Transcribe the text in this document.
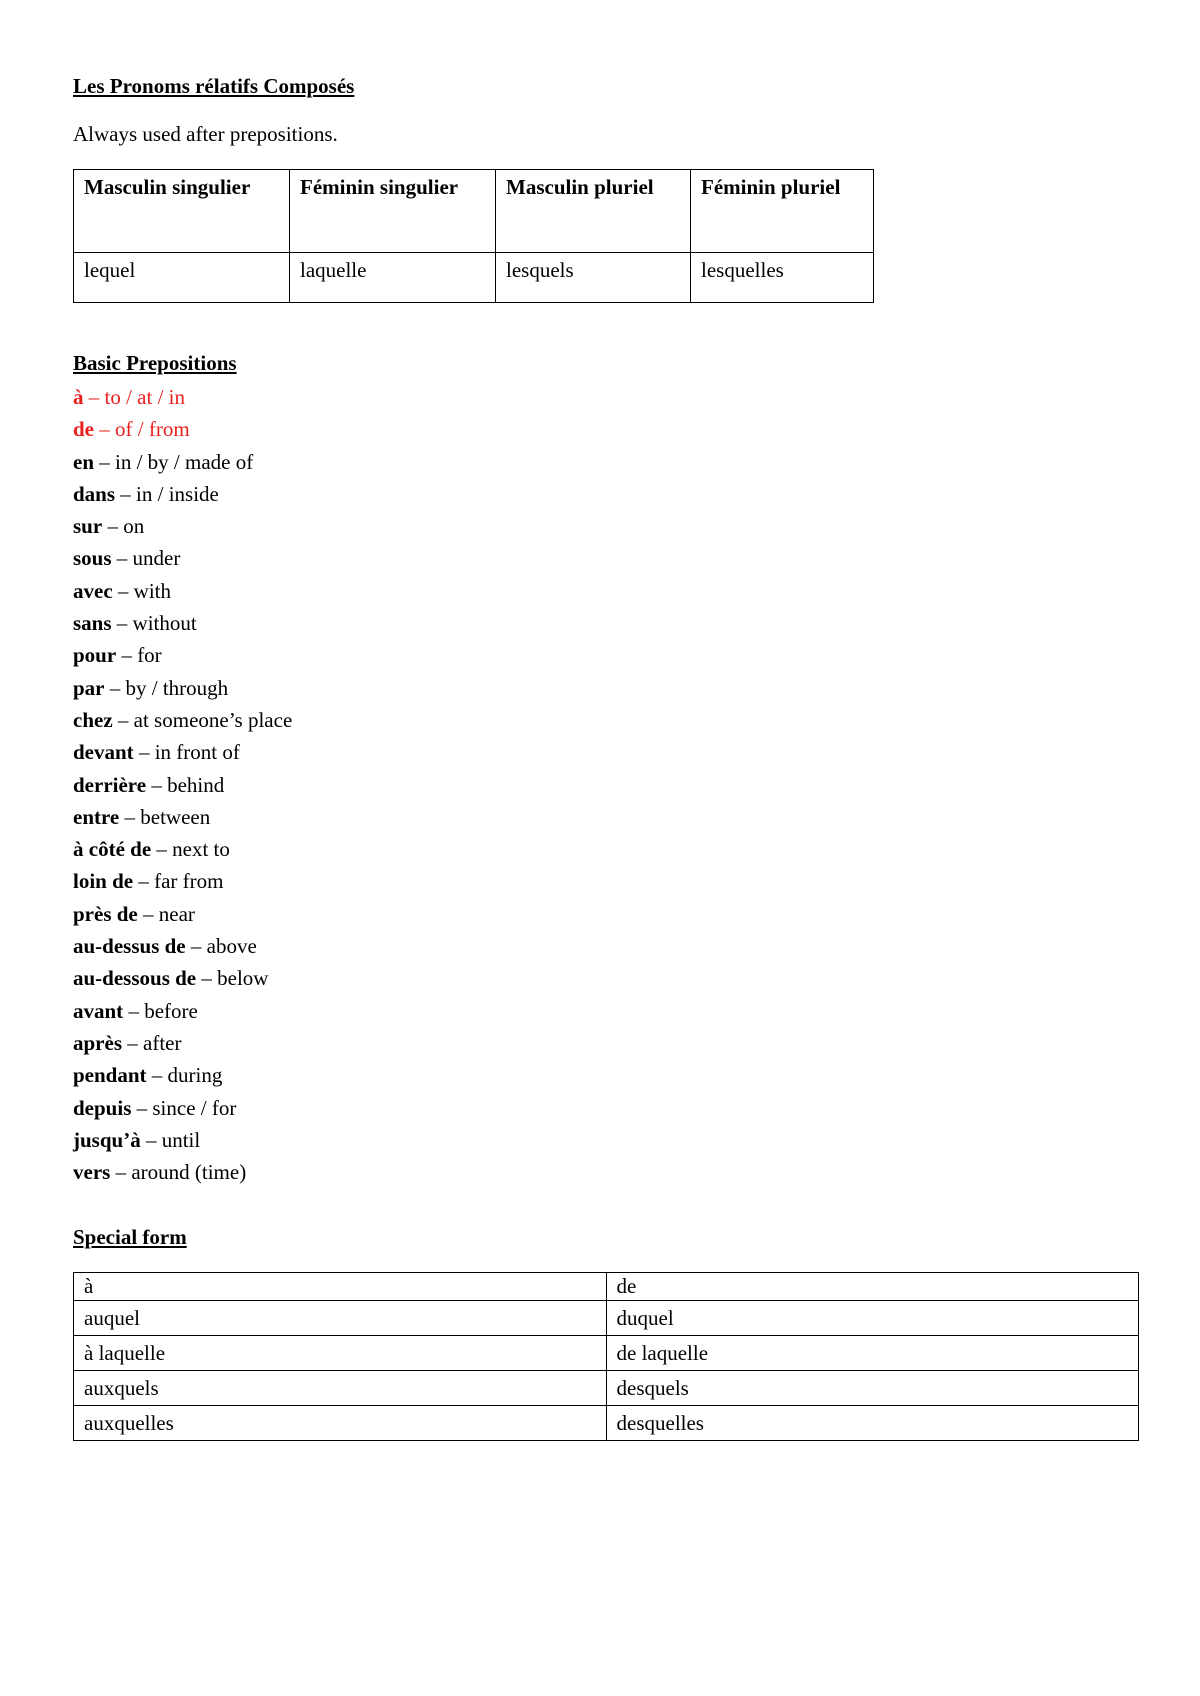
Les Pronoms rélatifs Composés
Always used after prepositions.
Masculin singulier	Féminin singulier	Masculin pluriel	Féminin pluriel
lequel	laquelle	lesquels	lesquelles
Basic Prepositions
à – to / at / in
de – of / from
en – in / by / made of
dans – in / inside
sur – on
sous – under
avec – with
sans – without
pour – for
par – by / through
chez – at someone’s place
devant – in front of
derrière – behind
entre – between
à côté de – next to
loin de – far from
près de – near
au-dessus de – above
au-dessous de – below
avant – before
après – after
pendant – during
depuis – since / for
jusqu’à – until
vers – around (time)
Special form
à	de
auquel	duquel
à laquelle	de laquelle
auxquels	desquels
auxquelles	desquelles
